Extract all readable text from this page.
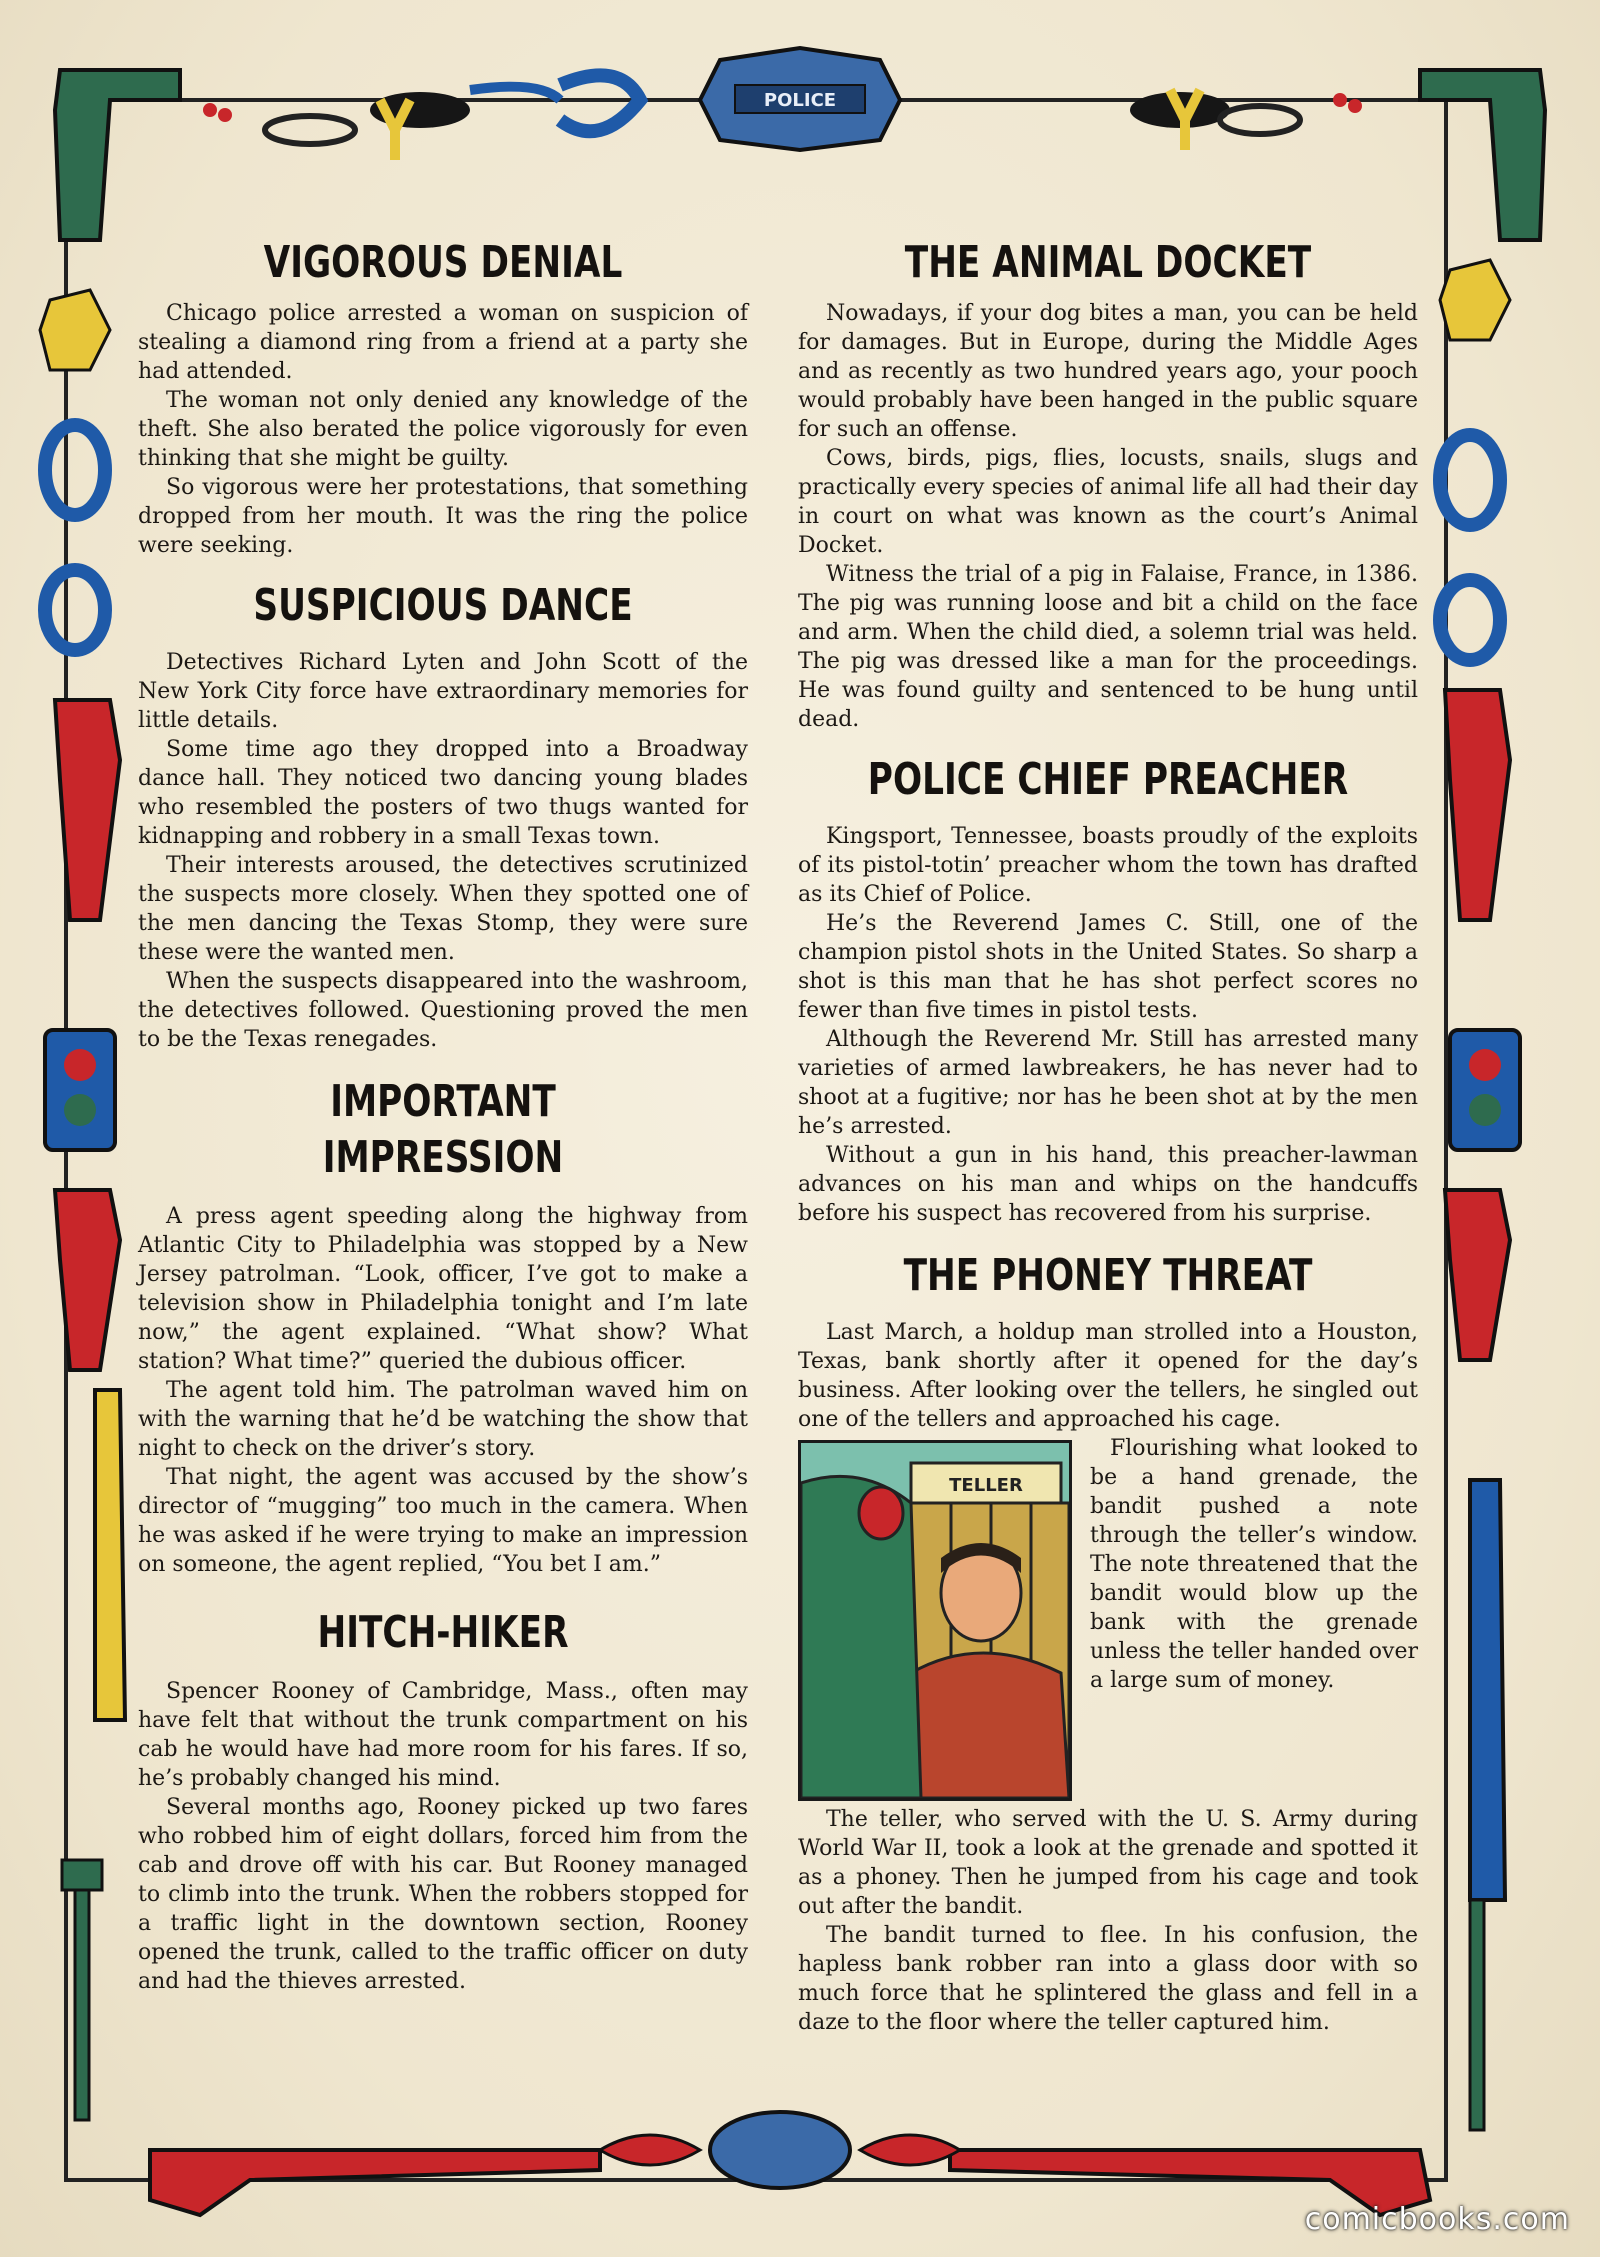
POLICE
VIGOROUS DENIAL

Chicago police arrested a woman on suspicion of stealing a diamond ring from a friend at a party she had attended.

The woman not only denied any knowledge of the theft. She also berated the police vigorously for even thinking that she might be guilty.

So vigorous were her protestations, that something dropped from her mouth. It was the ring the police were seeking.

SUSPICIOUS DANCE

Detectives Richard Lyten and John Scott of the New York City force have extraordinary memories for little details.

Some time ago they dropped into a Broadway dance hall. They noticed two dancing young blades who resembled the posters of two thugs wanted for kidnapping and robbery in a small Texas town.

Their interests aroused, the detectives scrutinized the suspects more closely. When they spotted one of the men dancing the Texas Stomp, they were sure these were the wanted men.

When the suspects disappeared into the washroom, the detectives followed. Questioning proved the men to be the Texas renegades.

IMPORTANT IMPRESSION

A press agent speeding along the highway from Atlantic City to Philadelphia was stopped by a New Jersey patrolman. “Look, officer, I’ve got to make a television show in Philadelphia tonight and I’m late now,” the agent explained. “What show? What station? What time?” queried the dubious officer.

The agent told him. The patrolman waved him on with the warning that he’d be watching the show that night to check on the driver’s story.

That night, the agent was accused by the show’s director of “mugging” too much in the camera. When he was asked if he were trying to make an impression on someone, the agent replied, “You bet I am.”

HITCH-HIKER

Spencer Rooney of Cambridge, Mass., often may have felt that without the trunk compartment on his cab he would have had more room for his fares. If so, he’s probably changed his mind.

Several months ago, Rooney picked up two fares who robbed him of eight dollars, forced him from the cab and drove off with his car. But Rooney managed to climb into the trunk. When the robbers stopped for a traffic light in the downtown section, Rooney opened the trunk, called to the traffic officer on duty and had the thieves arrested.

THE ANIMAL DOCKET

Nowadays, if your dog bites a man, you can be held for damages. But in Europe, during the Middle Ages and as recently as two hundred years ago, your pooch would probably have been hanged in the public square for such an offense.

Cows, birds, pigs, flies, locusts, snails, slugs and practically every species of animal life all had their day in court on what was known as the court’s Animal Docket.

Witness the trial of a pig in Falaise, France, in 1386. The pig was running loose and bit a child on the face and arm. When the child died, a solemn trial was held. The pig was dressed like a man for the proceedings. He was found guilty and sentenced to be hung until dead.

POLICE CHIEF PREACHER

Kingsport, Tennessee, boasts proudly of the exploits of its pistol-totin’ preacher whom the town has drafted as its Chief of Police.

He’s the Reverend James C. Still, one of the champion pistol shots in the United States. So sharp a shot is this man that he has shot perfect scores no fewer than five times in pistol tests.

Although the Reverend Mr. Still has arrested many varieties of armed lawbreakers, he has never had to shoot at a fugitive; nor has he been shot at by the men he’s arrested.

Without a gun in his hand, this preacher-lawman advances on his man and whips on the handcuffs before his suspect has recovered from his surprise.

THE PHONEY THREAT

Last March, a holdup man strolled into a Houston, Texas, bank shortly after it opened for the day’s business. After looking over the tellers, he singled out one of the tellers and approached his cage.

TELLER

Flourishing what looked to be a hand grenade, the bandit pushed a note through the teller’s window. The note threatened that the bandit would blow up the bank with the grenade unless the teller handed over a large sum of money.

The teller, who served with the U. S. Army during World War II, took a look at the grenade and spotted it as a phoney. Then he jumped from his cage and took out after the bandit.

The bandit turned to flee. In his confusion, the hapless bank robber ran into a glass door with so much force that he splintered the glass and fell in a daze to the floor where the teller captured him.

comicbooks.com
